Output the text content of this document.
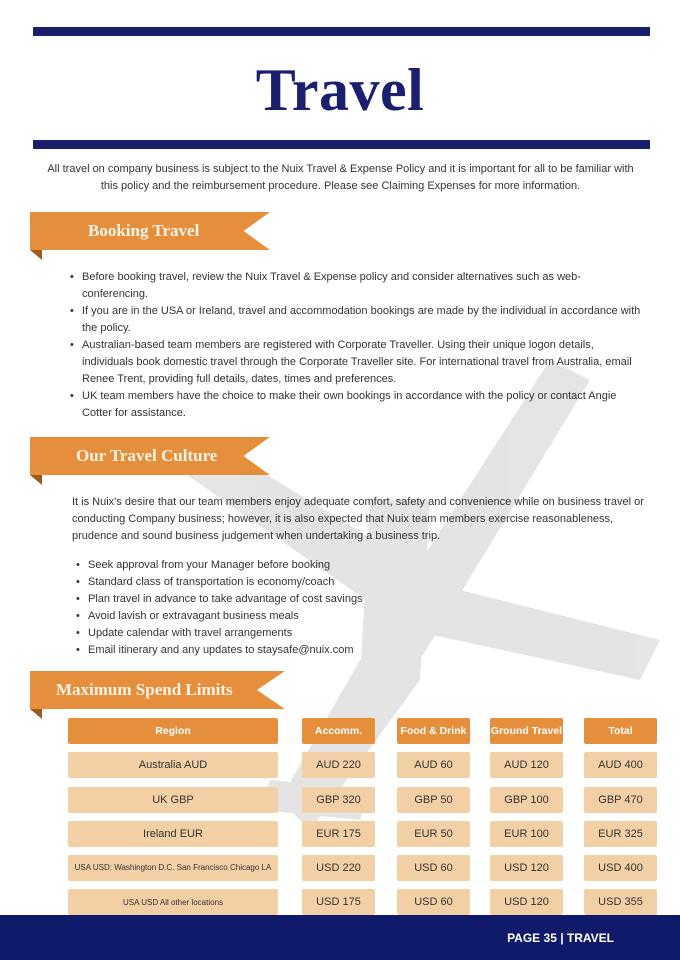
Travel
All travel on company business is subject to the Nuix Travel & Expense Policy and it is important for all to be familiar with this policy and the reimbursement procedure. Please see Claiming Expenses for more information.
Booking Travel
• Before booking travel, review the Nuix Travel & Expense policy and consider alternatives such as web-conferencing.
• If you are in the USA or Ireland, travel and accommodation bookings are made by the individual in accordance with the policy.
• Australian-based team members are registered with Corporate Traveller. Using their unique logon details, individuals book domestic travel through the Corporate Traveller site. For international travel from Australia, email Renee Trent, providing full details, dates, times and preferences.
• UK team members have the choice to make their own bookings in accordance with the policy or contact Angie Cotter for assistance.
Our Travel Culture
It is Nuix's desire that our team members enjoy adequate comfort, safety and convenience while on business travel or conducting Company business; however, it is also expected that Nuix team members exercise reasonableness, prudence and sound business judgement when undertaking a business trip.
• Seek approval from your Manager before booking
• Standard class of transportation is economy/coach
• Plan travel in advance to take advantage of cost savings
• Avoid lavish or extravagant business meals
• Update calendar with travel arrangements
• Email itinerary and any updates to staysafe@nuix.com
Maximum Spend Limits
Region	Accomm.	Food & Drink	Ground Travel	Total
Australia AUD	AUD 220	AUD 60	AUD 120	AUD 400
UK GBP	GBP 320	GBP 50	GBP 100	GBP 470
Ireland EUR	EUR 175	EUR 50	EUR 100	EUR 325
USA USD: Washington D.C. San Francisco Chicago LA	USD 220	USD 60	USD 120	USD 400
USA USD All other locations	USD 175	USD 60	USD 120	USD 355
PAGE 35 | TRAVEL
